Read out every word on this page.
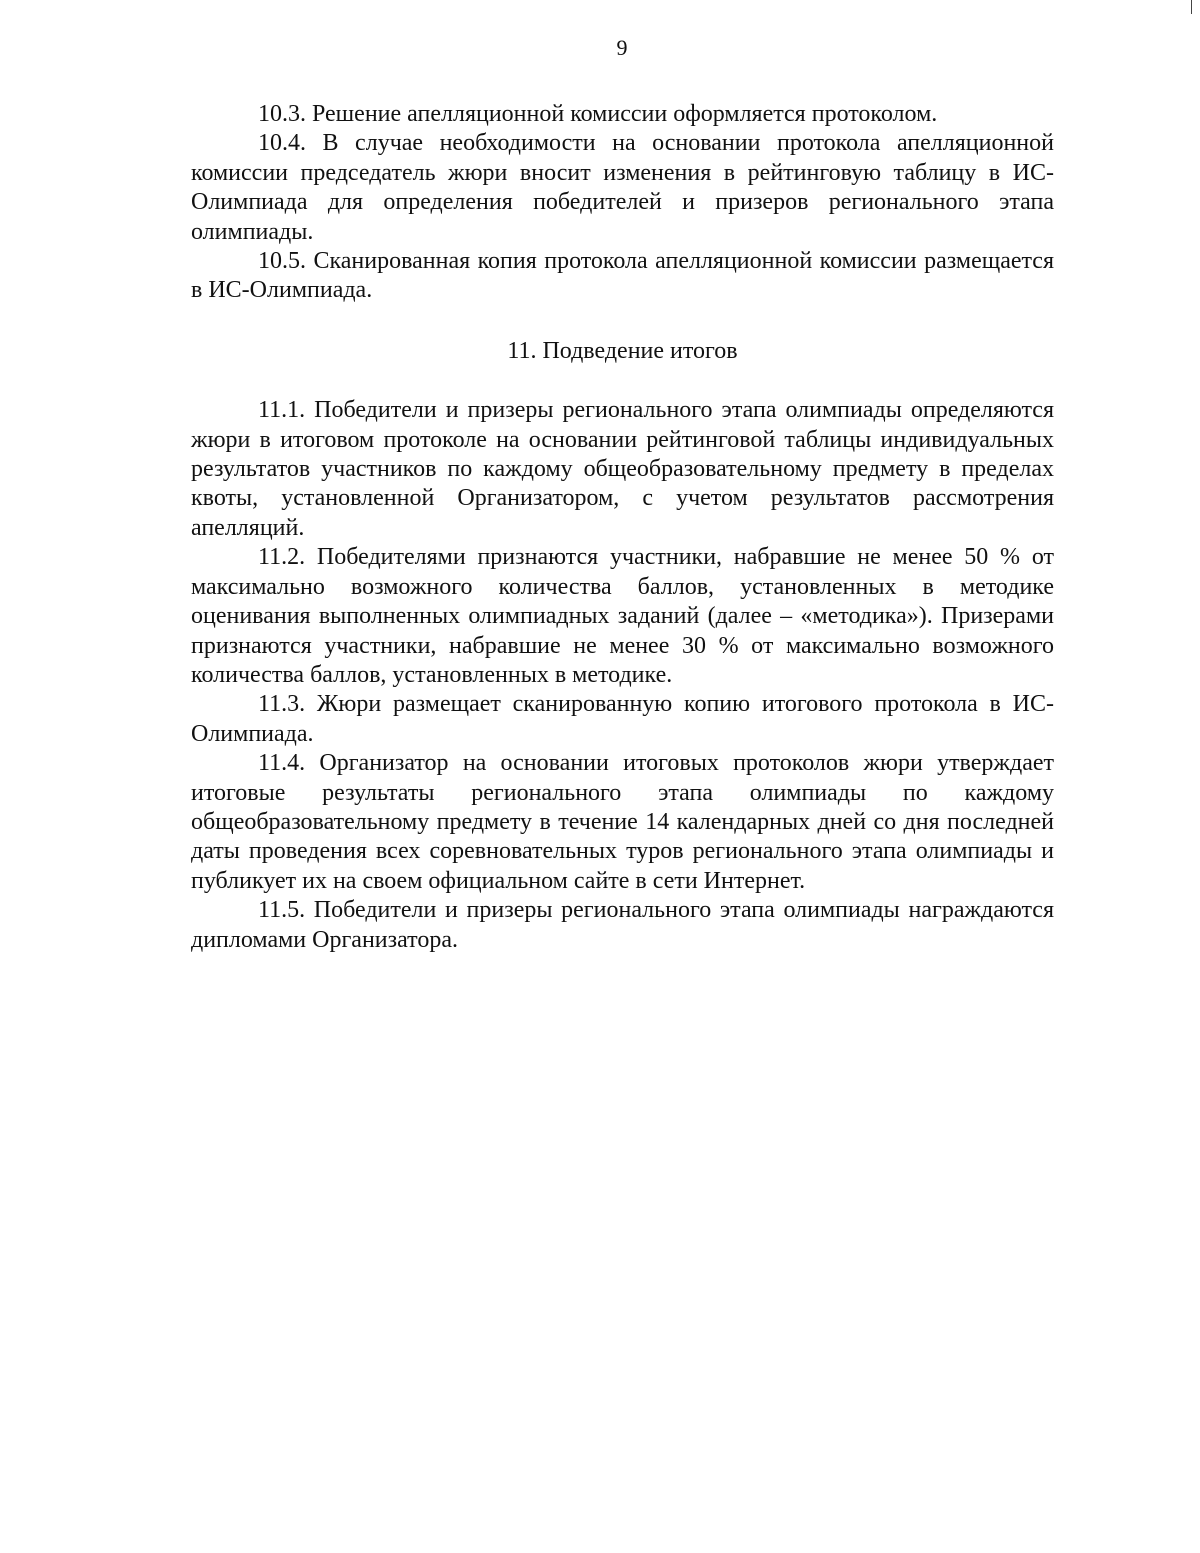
9

10.3. Решение апелляционной комиссии оформляется протоколом.

10.4. В случае необходимости на основании протокола апелляционной комиссии председатель жюри вносит изменения в рейтинговую таблицу в ИС-Олимпиада для определения победителей и призеров регионального этапа олимпиады.

10.5. Сканированная копия протокола апелляционной комиссии размещается в ИС-Олимпиада.

11. Подведение итогов

11.1. Победители и призеры регионального этапа олимпиады определяются жюри в итоговом протоколе на основании рейтинговой таблицы индивидуальных результатов участников по каждому общеобразовательному предмету в пределах квоты, установленной Организатором, с учетом результатов рассмотрения апелляций.

11.2. Победителями признаются участники, набравшие не менее 50 % от максимально возможного количества баллов, установленных в методике оценивания выполненных олимпиадных заданий (далее – «методика»). Призерами признаются участники, набравшие не менее 30 % от максимально возможного количества баллов, установленных в методике.

11.3. Жюри размещает сканированную копию итогового протокола в ИС-Олимпиада.

11.4. Организатор на основании итоговых протоколов жюри утверждает итоговые результаты регионального этапа олимпиады по каждому общеобразовательному предмету в течение 14 календарных дней со дня последней даты проведения всех соревновательных туров регионального этапа олимпиады и публикует их на своем официальном сайте в сети Интернет.

11.5. Победители и призеры регионального этапа олимпиады награждаются дипломами Организатора.
